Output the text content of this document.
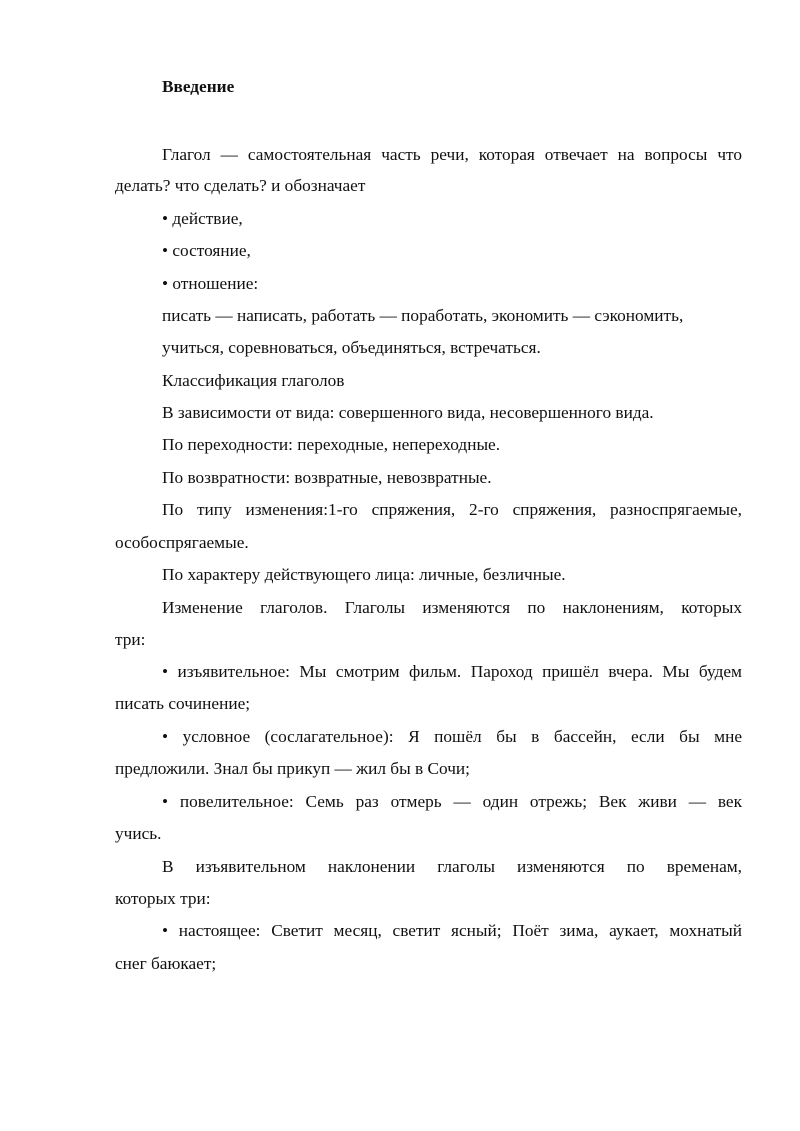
Введение
Глагол — самостоятельная часть речи, которая отвечает на вопросы что
делать? что сделать? и обозначает
• действие,
• состояние,
• отношение:
писать — написать, работать — поработать, экономить — сэкономить,
учиться, соревноваться, объединяться, встречаться.
Классификация глаголов
В зависимости от вида: совершенного вида, несовершенного вида.
По переходности: переходные, непереходные.
По возвратности: возвратные, невозвратные.
По типу изменения:1-го спряжения, 2-го спряжения, разноспрягаемые,
особоспрягаемые.
По характеру действующего лица: личные, безличные.
Изменение глаголов. Глаголы изменяются по наклонениям, которых
три:
• изъявительное: Мы смотрим фильм. Пароход пришёл вчера. Мы будем
писать сочинение;
• условное (сослагательное): Я пошёл бы в бассейн, если бы мне
предложили. Знал бы прикуп — жил бы в Сочи;
• повелительное: Семь раз отмерь — один отрежь; Век живи — век
учись.
В изъявительном наклонении глаголы изменяются по временам,
которых три:
• настоящее: Светит месяц, светит ясный; Поёт зима, аукает, мохнатый
снег баюкает;
